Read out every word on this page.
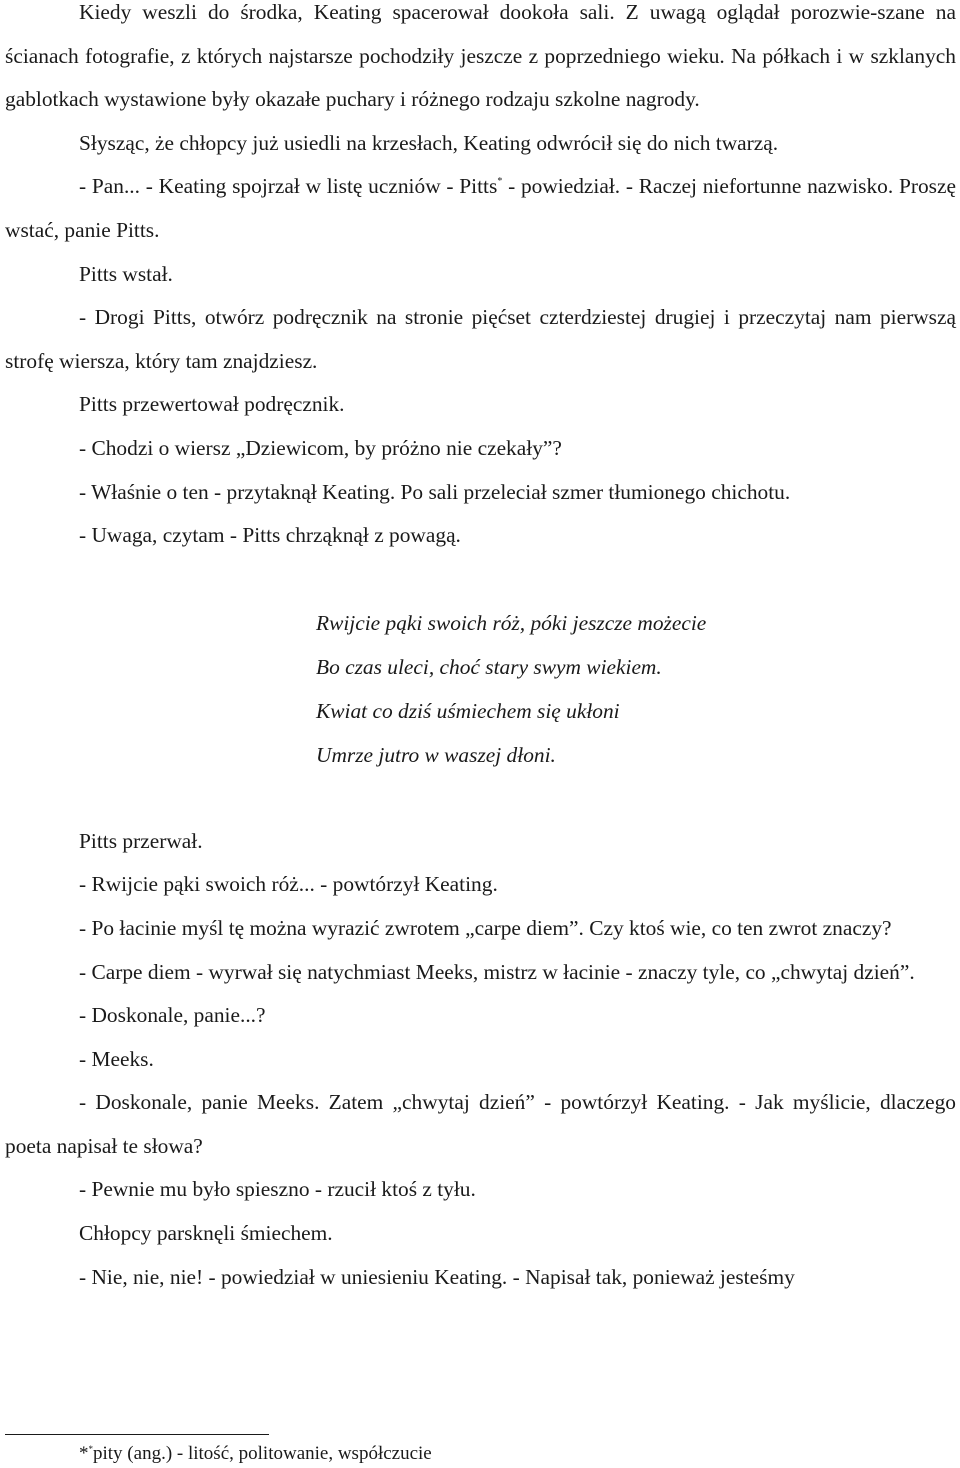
Kiedy weszli do środka, Keating spacerował dookoła sali. Z uwagą oglądał porozwie-szane na ścianach fotografie, z których najstarsze pochodziły jeszcze z poprzedniego wieku. Na półkach i w szklanych gablotkach wystawione były okazałe puchary i różnego rodzaju szkolne nagrody.

Słysząc, że chłopcy już usiedli na krzesłach, Keating odwrócił się do nich twarzą.

- Pan... - Keating spojrzał w listę uczniów - Pitts* - powiedział. - Raczej niefortunne nazwisko. Proszę wstać, panie Pitts.

Pitts wstał.

- Drogi Pitts, otwórz podręcznik na stronie pięćset czterdziestej drugiej i przeczytaj nam pierwszą strofę wiersza, który tam znajdziesz.

Pitts przewertował podręcznik.

- Chodzi o wiersz „Dziewicom, by próżno nie czekały”?

- Właśnie o ten - przytaknął Keating. Po sali przeleciał szmer tłumionego chichotu.

- Uwaga, czytam - Pitts chrząknął z powagą.

Rwijcie pąki swoich róż, póki jeszcze możecie

Bo czas uleci, choć stary swym wiekiem.

Kwiat co dziś uśmiechem się ukłoni

Umrze jutro w waszej dłoni.

Pitts przerwał.

- Rwijcie pąki swoich róż... - powtórzył Keating.

- Po łacinie myśl tę można wyrazić zwrotem „carpe diem”. Czy ktoś wie, co ten zwrot znaczy?

- Carpe diem - wyrwał się natychmiast Meeks, mistrz w łacinie - znaczy tyle, co „chwytaj dzień”.

- Doskonale, panie...?

- Meeks.

- Doskonale, panie Meeks. Zatem „chwytaj dzień” - powtórzył Keating. - Jak myślicie, dlaczego poeta napisał te słowa?

- Pewnie mu było spieszno - rzucił ktoś z tyłu.

Chłopcy parsknęli śmiechem.

- Nie, nie, nie! - powiedział w uniesieniu Keating. - Napisał tak, ponieważ jesteśmy

**pity (ang.) - litość, politowanie, współczucie
